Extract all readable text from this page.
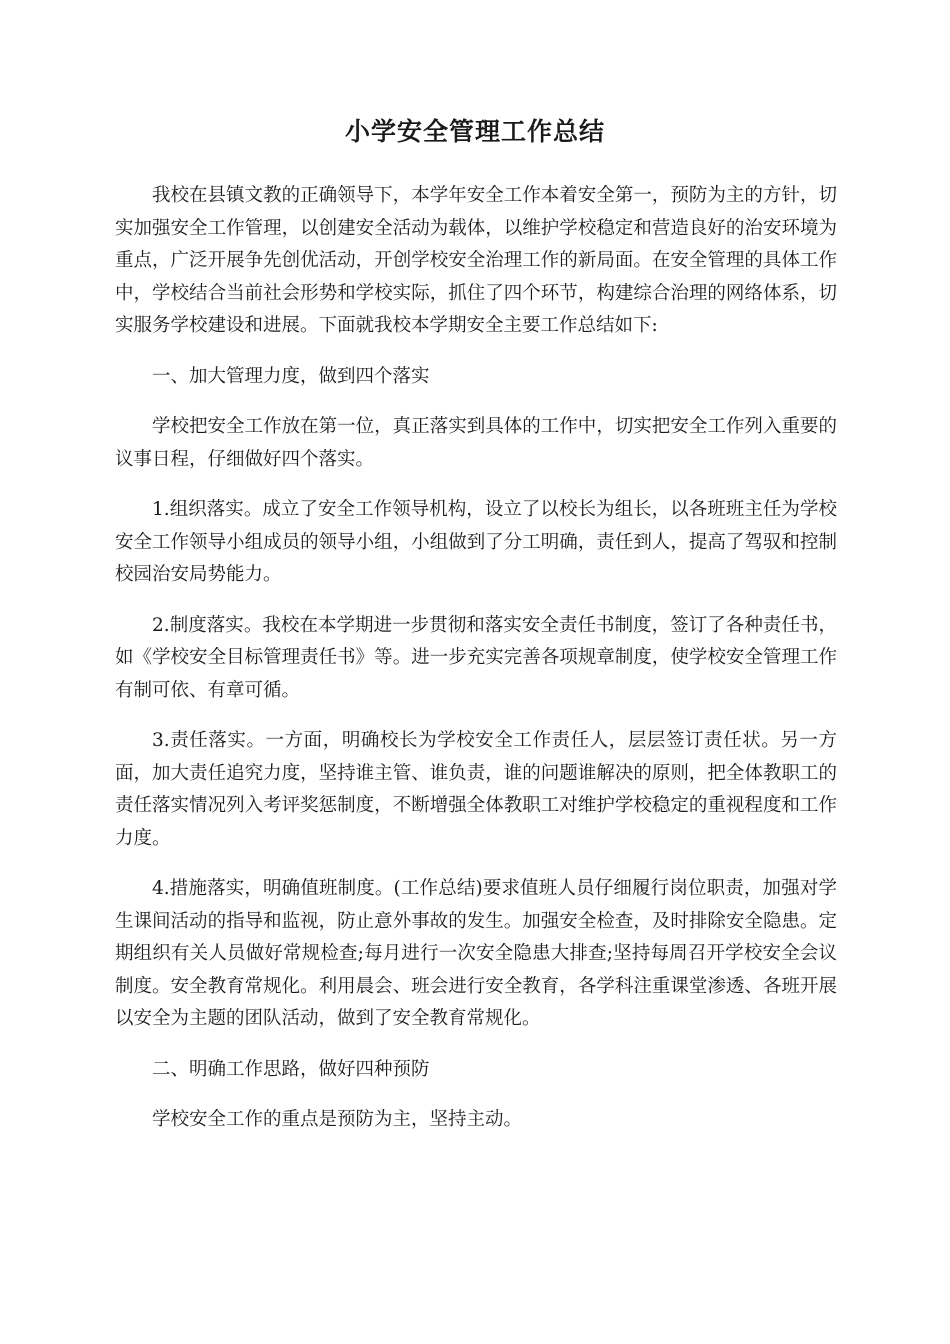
小学安全管理工作总结

我校在县镇文教的正确领导下，本学年安全工作本着安全第一，预防为主的方针，切实加强安全工作管理，以创建安全活动为载体，以维护学校稳定和营造良好的治安环境为重点，广泛开展争先创优活动，开创学校安全治理工作的新局面。在安全管理的具体工作中，学校结合当前社会形势和学校实际，抓住了四个环节，构建综合治理的网络体系，切实服务学校建设和进展。下面就我校本学期安全主要工作总结如下:

一、加大管理力度，做到四个落实

学校把安全工作放在第一位，真正落实到具体的工作中，切实把安全工作列入重要的议事日程，仔细做好四个落实。

1.组织落实。成立了安全工作领导机构，设立了以校长为组长，以各班班主任为学校安全工作领导小组成员的领导小组，小组做到了分工明确，责任到人，提高了驾驭和控制校园治安局势能力。

2.制度落实。我校在本学期进一步贯彻和落实安全责任书制度，签订了各种责任书，如《学校安全目标管理责任书》等。进一步充实完善各项规章制度，使学校安全管理工作有制可依、有章可循。

3.责任落实。一方面，明确校长为学校安全工作责任人，层层签订责任状。另一方面，加大责任追究力度，坚持谁主管、谁负责，谁的问题谁解决的原则，把全体教职工的责任落实情况列入考评奖惩制度，不断增强全体教职工对维护学校稳定的重视程度和工作力度。

4.措施落实，明确值班制度。(工作总结)要求值班人员仔细履行岗位职责，加强对学生课间活动的指导和监视，防止意外事故的发生。加强安全检查，及时排除安全隐患。定期组织有关人员做好常规检查;每月进行一次安全隐患大排查;坚持每周召开学校安全会议制度。安全教育常规化。利用晨会、班会进行安全教育，各学科注重课堂渗透、各班开展以安全为主题的团队活动，做到了安全教育常规化。

二、明确工作思路，做好四种预防

学校安全工作的重点是预防为主，坚持主动。
